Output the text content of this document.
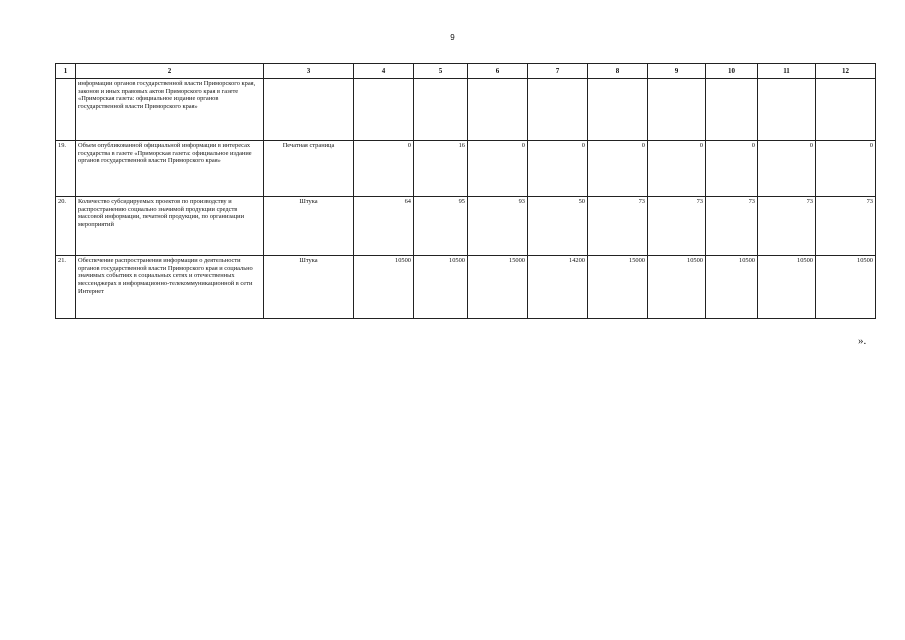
9
1	2	3	4	5	6	7	8	9	10	11	12
	информации органов государственной власти Приморского края, законов и иных правовых актов Приморского края в газете «Приморская газета: официальное издание органов государственной власти Приморского края»										
19.	Объем опубликованной официальной информации в интересах государства в газете «Приморская газета: официальное издание органов государственной власти Приморского края»	Печатная страница	0	16	0	0	0	0	0	0	0
20.	Количество субсидируемых проектов по производству и распространению социально значимой продукции средств массовой информации, печатной продукции, по организации мероприятий	Штука	64	95	93	50	73	73	73	73	73
21.	Обеспечение распространения информации о деятельности органов государственной власти Приморского края и социально значимых событиях в социальных сетях и отечественных мессенджерах в информационно-телекоммуникационной в сети Интернет	Штука	10500	10500	15000	14200	15000	10500	10500	10500	10500
».
